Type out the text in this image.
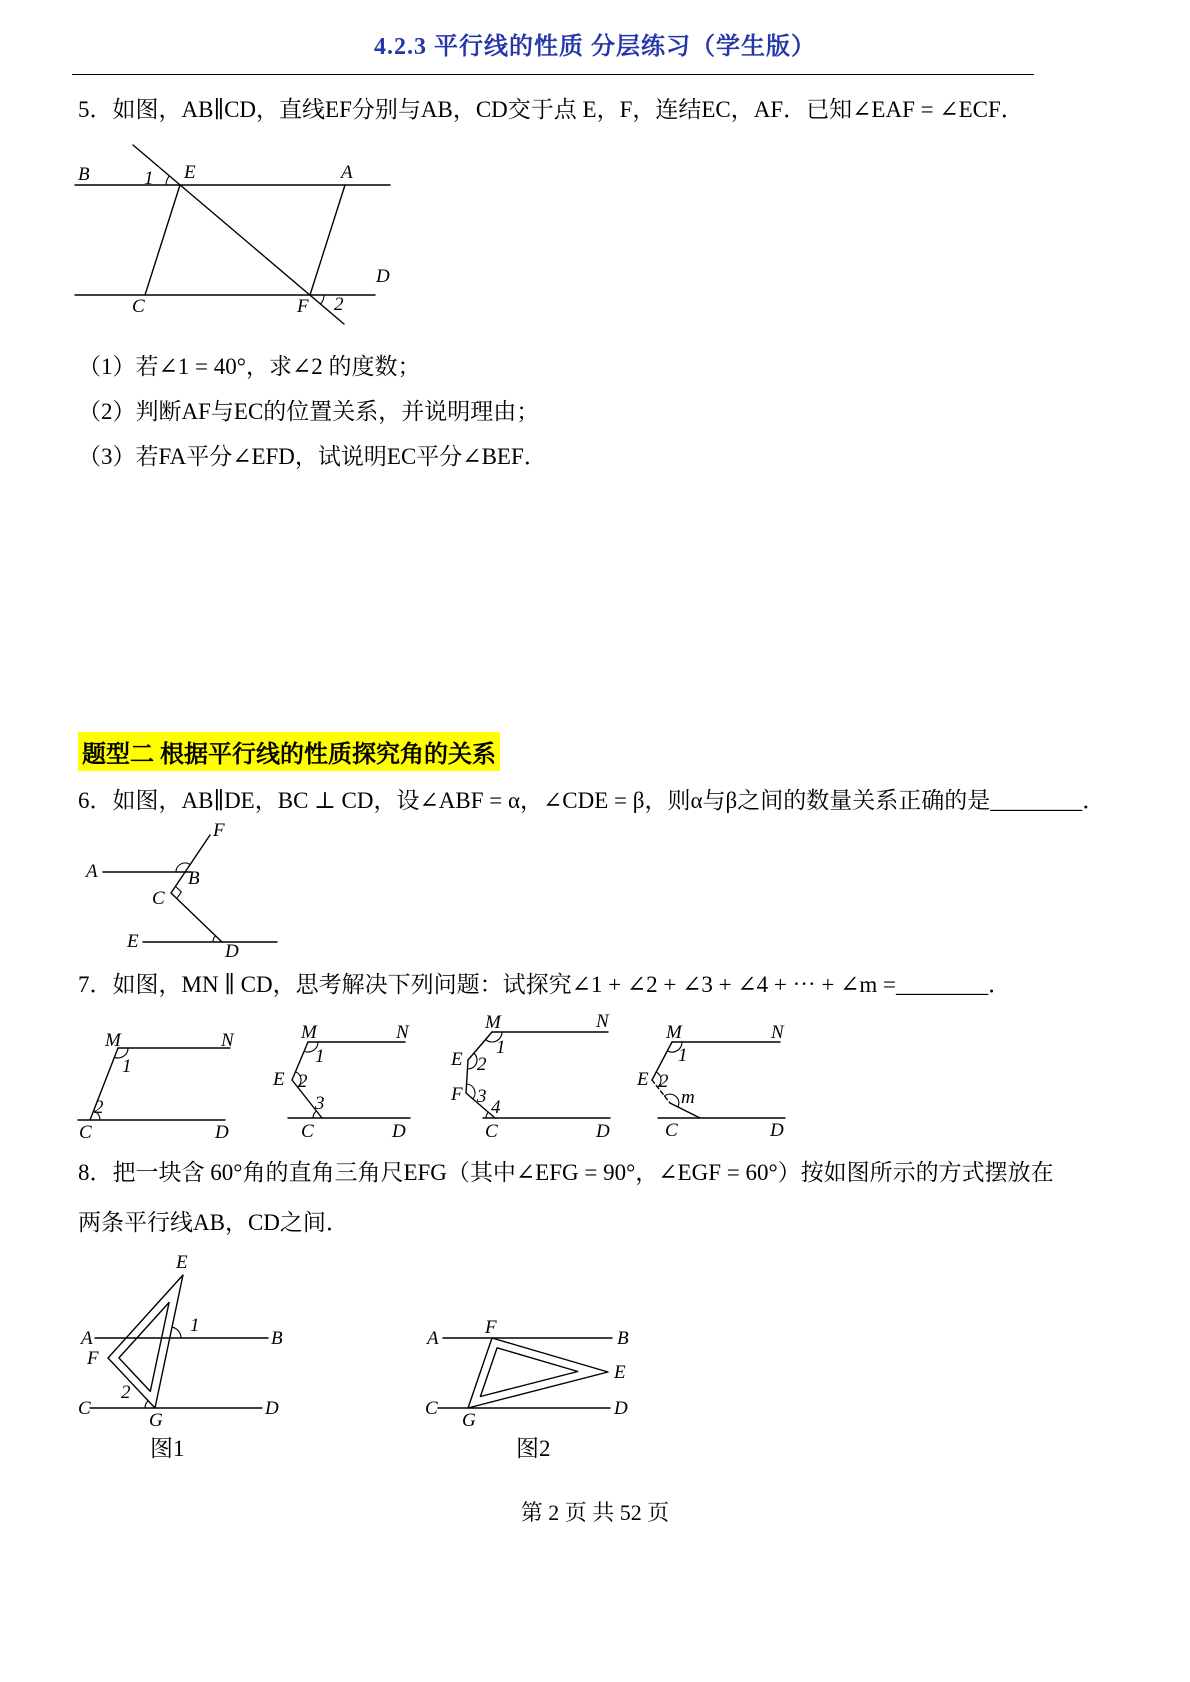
4.2.3 平行线的性质 分层练习（学生版）
5．如图，AB∥CD，直线EF分别与AB，CD交于点 E，F，连结EC，AF．已知∠EAF = ∠ECF．
B	E	A
D
C	F
1
2
（1）若∠1 = 40°，求∠2 的度数；
（2）判断AF与EC的位置关系，并说明理由；
（3）若FA平分∠EFD，试说明EC平分∠BEF．
题型二 根据平行线的性质探究角的关系
6．如图，AB∥DE，BC ⊥ CD，设∠ABF = α，∠CDE = β，则α与β之间的数量关系正确的是________．
A	B
F
C
E	D
7．如图，MN ∥ CD，思考解决下列问题：试探究∠1 + ∠2 + ∠3 + ∠4 + ⋯ + ∠m =________．
M	N
1
2
C	D
M	N
1
E 2
3
C	D
M	N
1
E 2
F 3
4
C	D
M	N
1
E 2
m
C	D
8．把一块含 60°角的直角三角尺EFG（其中∠EFG = 90°，∠EGF = 60°）按如图所示的方式摆放在
两条平行线AB，CD之间．
E
A	B
F
C	D
G
1
2
A	B
F
E
C	D
G
图1	图2
第 2 页 共 52 页
